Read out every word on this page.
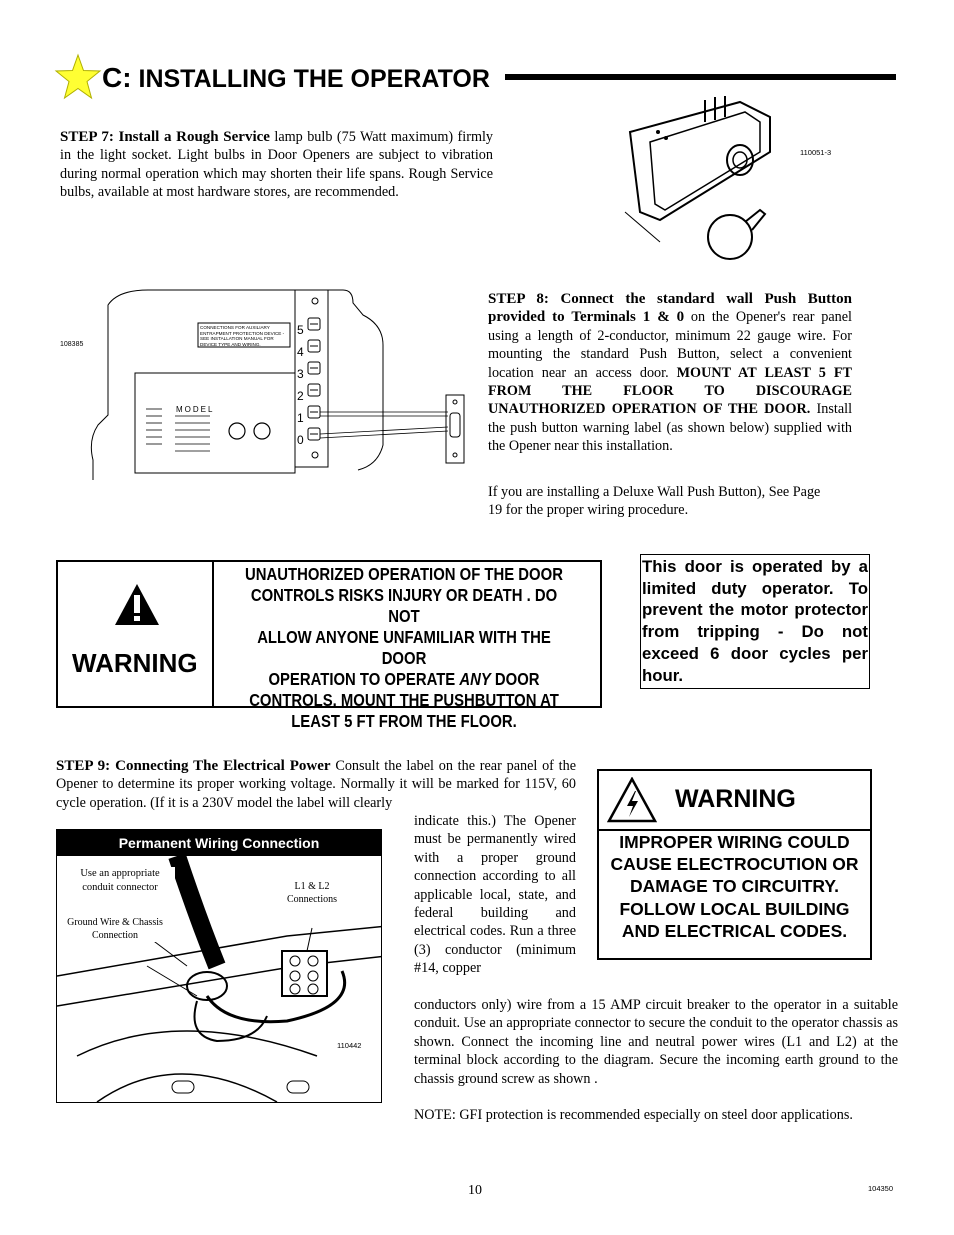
C: INSTALLING THE OPERATOR
STEP 7: Install a Rough Service lamp bulb (75 Watt maximum) firmly in the light socket. Light bulbs in Door Openers are subject to vibration during normal operation which may shorten their life spans. Rough Service bulbs, available at most hardware stores, are recommended.
110051-3
108385
CONNECTIONS FOR AUXILIARY ENTRAPMENT PROTECTION DEVICE - SEE INSTALLATION MANUAL FOR DEVICE TYPE AND WIRING.
MODEL
5
4
3
2
1
0
STEP 8: Connect the standard wall Push Button provided to Terminals 1 & 0 on the Opener's rear panel using a length of 2-conductor, minimum 22 gauge wire. For mounting the standard Push Button, select a convenient location near an access door. MOUNT AT LEAST 5 FT FROM THE FLOOR TO DISCOURAGE UNAUTHORIZED OPERATION OF THE DOOR. Install the push button warning label (as shown below) supplied with the Opener near this installation.
If you are installing a Deluxe Wall Push Button), See Page 19 for the proper wiring procedure.
WARNING
UNAUTHORIZED OPERATION OF THE DOOR
CONTROLS RISKS INJURY OR DEATH . DO NOT
ALLOW ANYONE UNFAMILIAR WITH THE DOOR
OPERATION TO OPERATE ANY DOOR
CONTROLS. MOUNT THE PUSHBUTTON AT
LEAST 5 FT FROM THE FLOOR.
This door is operated by a limited duty operator. To prevent the motor protector from tripping - Do not exceed 6 door cycles per hour.
STEP 9: Connecting The Electrical Power Consult the label on the rear panel of the Opener to determine its proper working voltage. Normally it will be marked for 115V, 60 cycle operation. (If it is a 230V model the label will clearly
indicate this.) The Opener must be permanently wired with a proper ground connection according to all applicable local, state, and federal building and electrical codes. Run a three (3) conductor (minimum #14, copper
conductors only) wire from a 15 AMP circuit breaker to the operator in a suitable conduit. Use an appropriate connector to secure the conduit to the operator chassis as shown. Connect the incoming line and neutral power wires (L1 and L2) at the terminal block according to the diagram. Secure the incoming earth ground to the chassis ground screw as shown .
NOTE: GFI protection is recommended especially on steel door applications.
Permanent Wiring Connection
Use an appropriate conduit connector
Ground Wire & Chassis Connection
L1 & L2 Connections
110442
WARNING
IMPROPER WIRING COULD CAUSE ELECTROCUTION OR DAMAGE TO CIRCUITRY. FOLLOW LOCAL BUILDING AND ELECTRICAL CODES.
10	104350
